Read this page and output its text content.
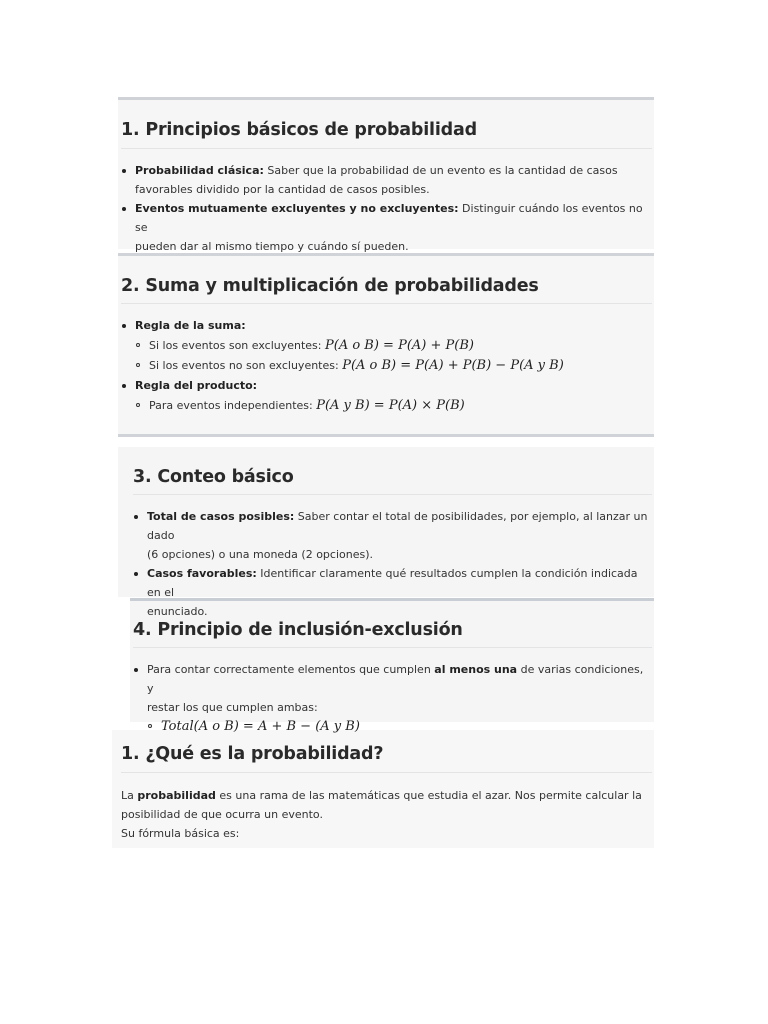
1. Principios básicos de probabilidad
Probabilidad clásica: Saber que la probabilidad de un evento es la cantidad de casos
favorables dividido por la cantidad de casos posibles.
Eventos mutuamente excluyentes y no excluyentes: Distinguir cuándo los eventos no se
pueden dar al mismo tiempo y cuándo sí pueden.
2. Suma y multiplicación de probabilidades
Regla de la suma:
Si los eventos son excluyentes: P(A o B) = P(A) + P(B)
Si los eventos no son excluyentes: P(A o B) = P(A) + P(B) − P(A y B)
Regla del producto:
Para eventos independientes: P(A y B) = P(A) × P(B)
3. Conteo básico
Total de casos posibles: Saber contar el total de posibilidades, por ejemplo, al lanzar un dado
(6 opciones) o una moneda (2 opciones).
Casos favorables: Identificar claramente qué resultados cumplen la condición indicada en el
enunciado.
4. Principio de inclusión-exclusión
Para contar correctamente elementos que cumplen al menos una de varias condiciones, y
restar los que cumplen ambas:
Total(A o B) = A + B − (A y B)
1. ¿Qué es la probabilidad?

La probabilidad es una rama de las matemáticas que estudia el azar. Nos permite calcular la
posibilidad de que ocurra un evento.
Su fórmula básica es:
